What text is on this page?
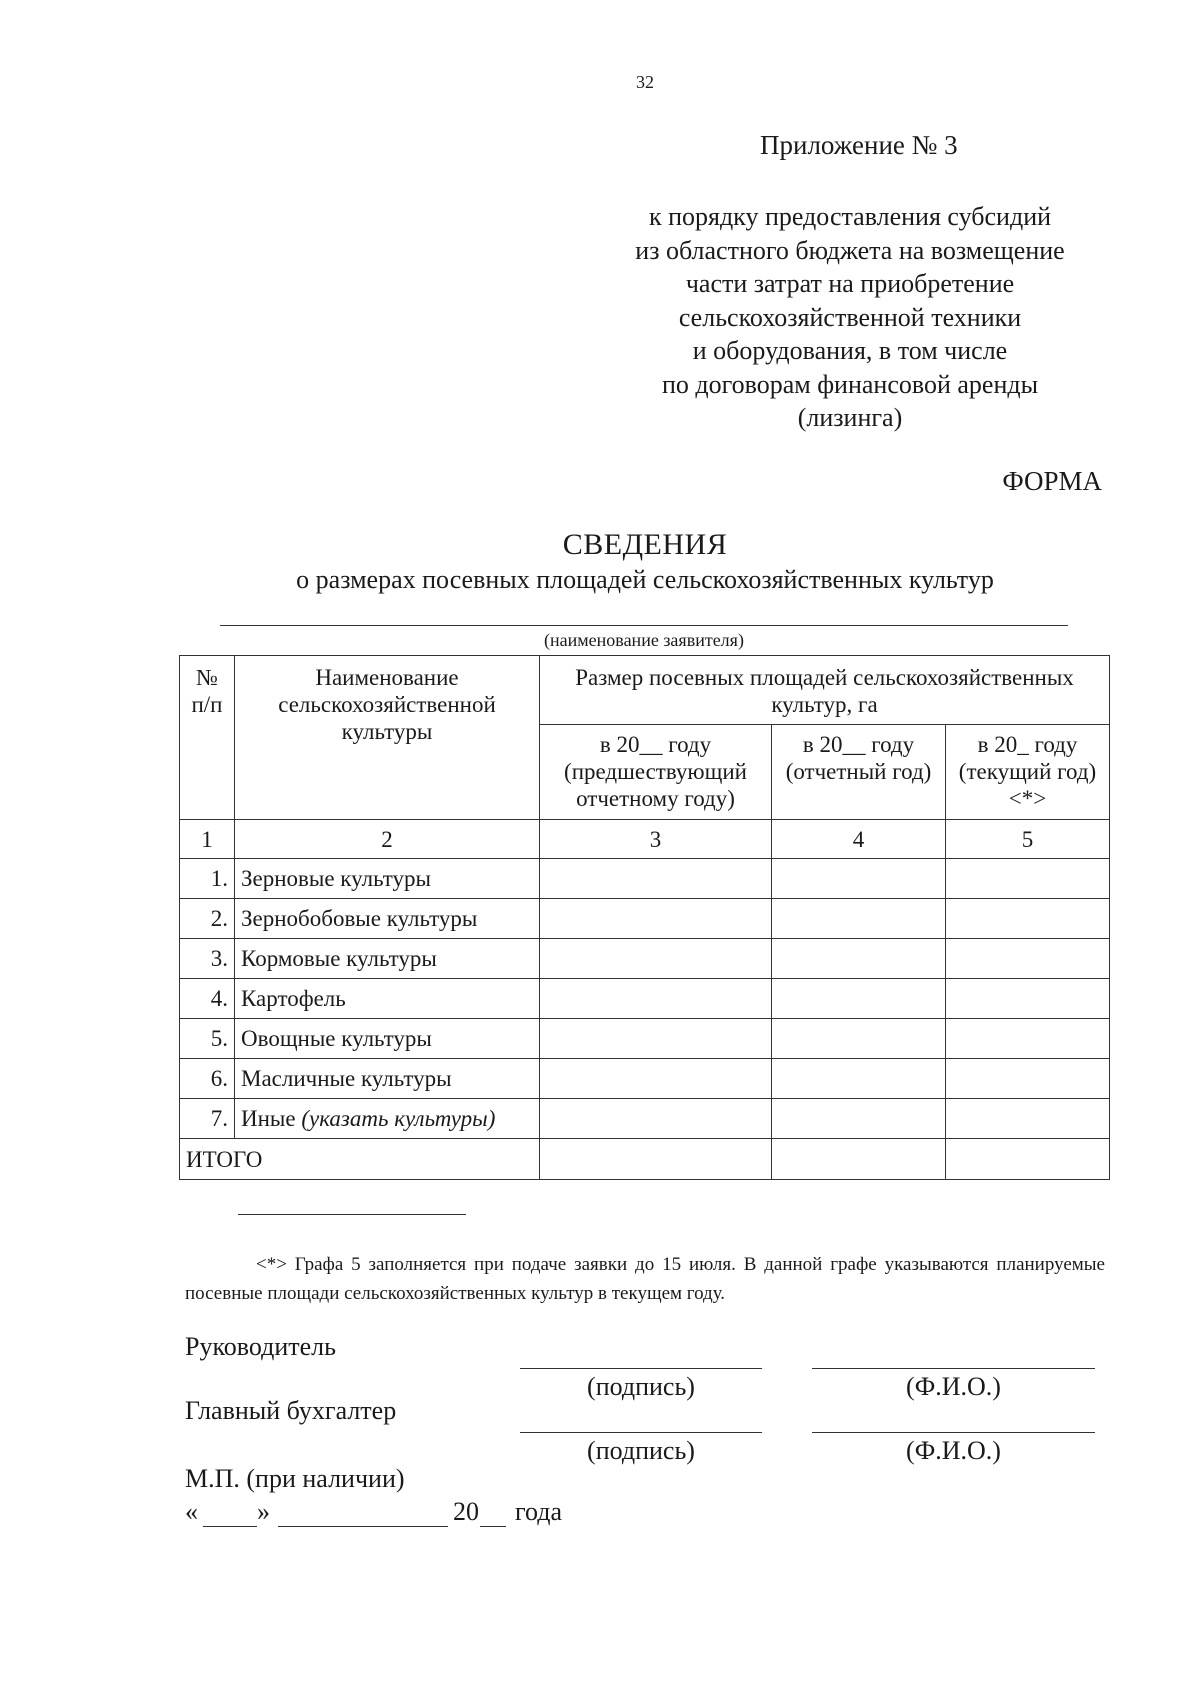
32
Приложение № 3
к порядку предоставления субсидий
из областного бюджета на возмещение
части затрат на приобретение
сельскохозяйственной техники
и оборудования, в том числе
по договорам финансовой аренды
(лизинга)
ФОРМА
СВЕДЕНИЯ
о размерах посевных площадей сельскохозяйственных культур
(наименование заявителя)
№ п/п	Наименование сельскохозяйственной культуры	Размер посевных площадей сельскохозяйственных культур, га		
		в 20__ году (предшествующий отчетному году)	в 20__ году (отчетный год)	в 20_ году (текущий год)<*>
1	2	3	4	5
1.	Зерновые культуры			
2.	Зернобобовые культуры			
3.	Кормовые культуры			
4.	Картофель			
5.	Овощные культуры			
6.	Масличные культуры			
7.	Иные (указать культуры)			
ИТОГО				
<*> Графа 5 заполняется при подаче заявки до 15 июля. В данной графе указываются планируемые посевные площади сельскохозяйственных культур в текущем году.
Руководитель
(подпись)	(Ф.И.О.)
Главный бухгалтер
(подпись)	(Ф.И.О.)
М.П. (при наличии)
« »	20 года
